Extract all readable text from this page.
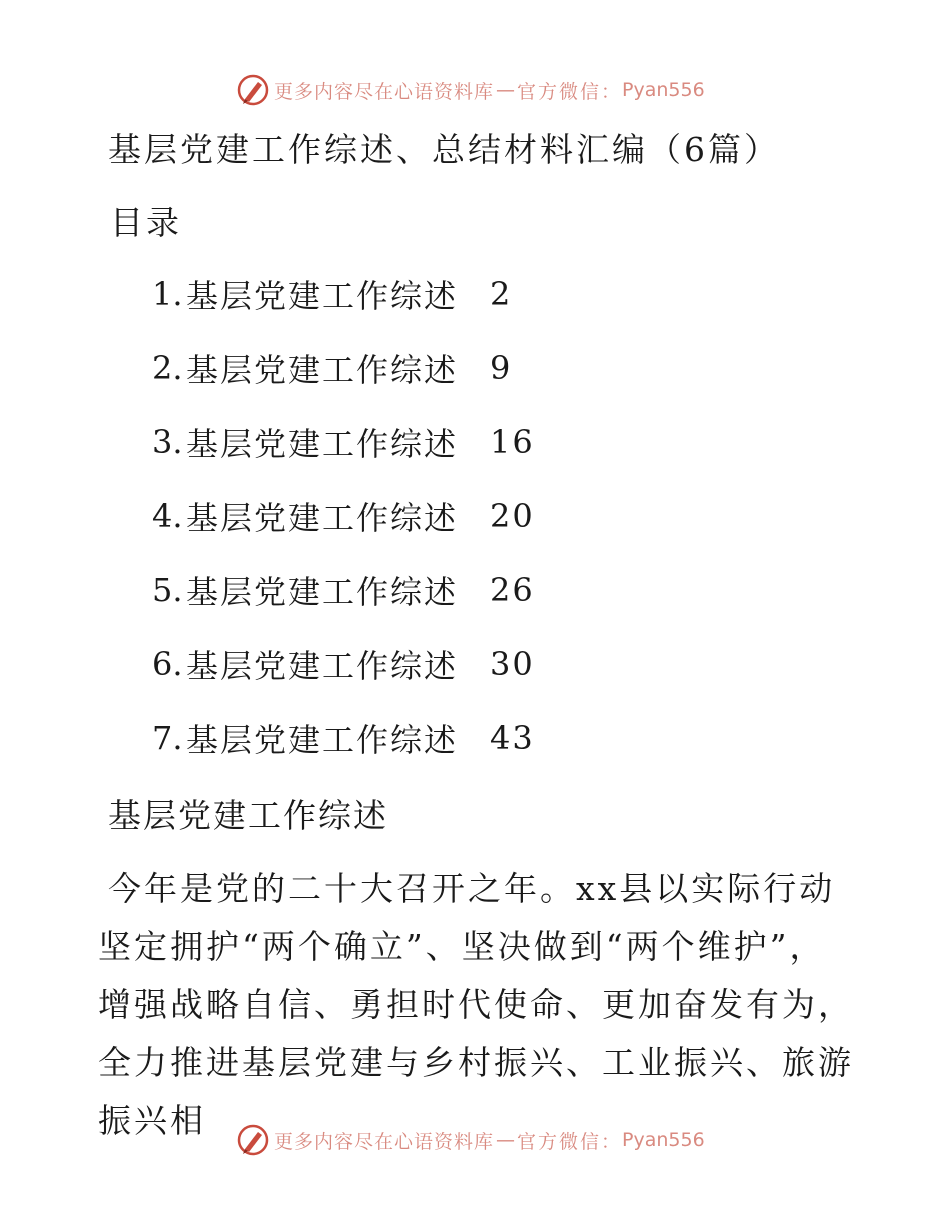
更多内容尽在心语资料库 — 官方微信： Pyan556
基层党建工作综述、总结材料汇编（6篇）
目录
1. 基层党建工作综述 2
2. 基层党建工作综述 9
3. 基层党建工作综述 16
4. 基层党建工作综述 20
5. 基层党建工作综述 26
6. 基层党建工作综述 30
7. 基层党建工作综述 43
基层党建工作综述
今年是党的二十大召开之年。xx县以实际行动坚定拥护“两个确立”、坚决做到“两个维护”，增强战略自信、勇担时代使命、更加奋发有为，全力推进基层党建与乡村振兴、工业振兴、旅游振兴相
更多内容尽在心语资料库 — 官方微信： Pyan556
